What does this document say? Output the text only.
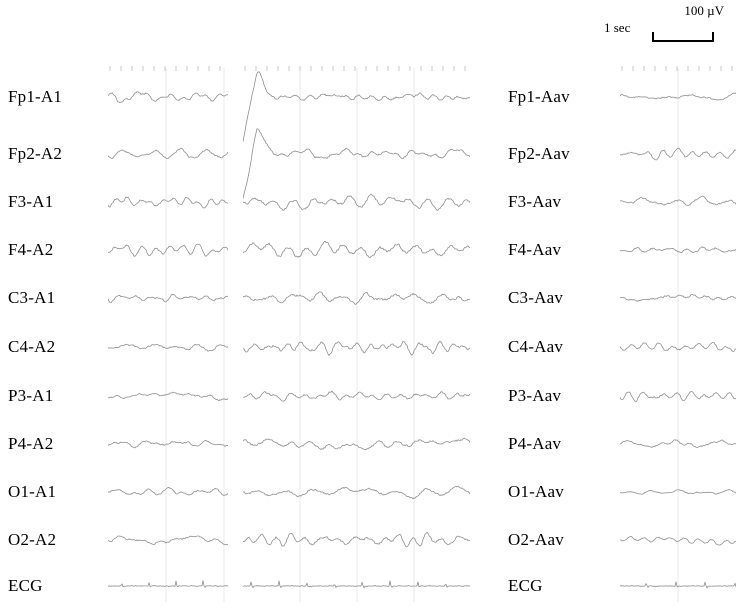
100 µV
1 sec
Fp1-A1
Fp2-A2
F3-A1
F4-A2
C3-A1
C4-A2
P3-A1
P4-A2
O1-A1
O2-A2
ECG
Fp1-Aav
Fp2-Aav
F3-Aav
F4-Aav
C3-Aav
C4-Aav
P3-Aav
P4-Aav
O1-Aav
O2-Aav
ECG
